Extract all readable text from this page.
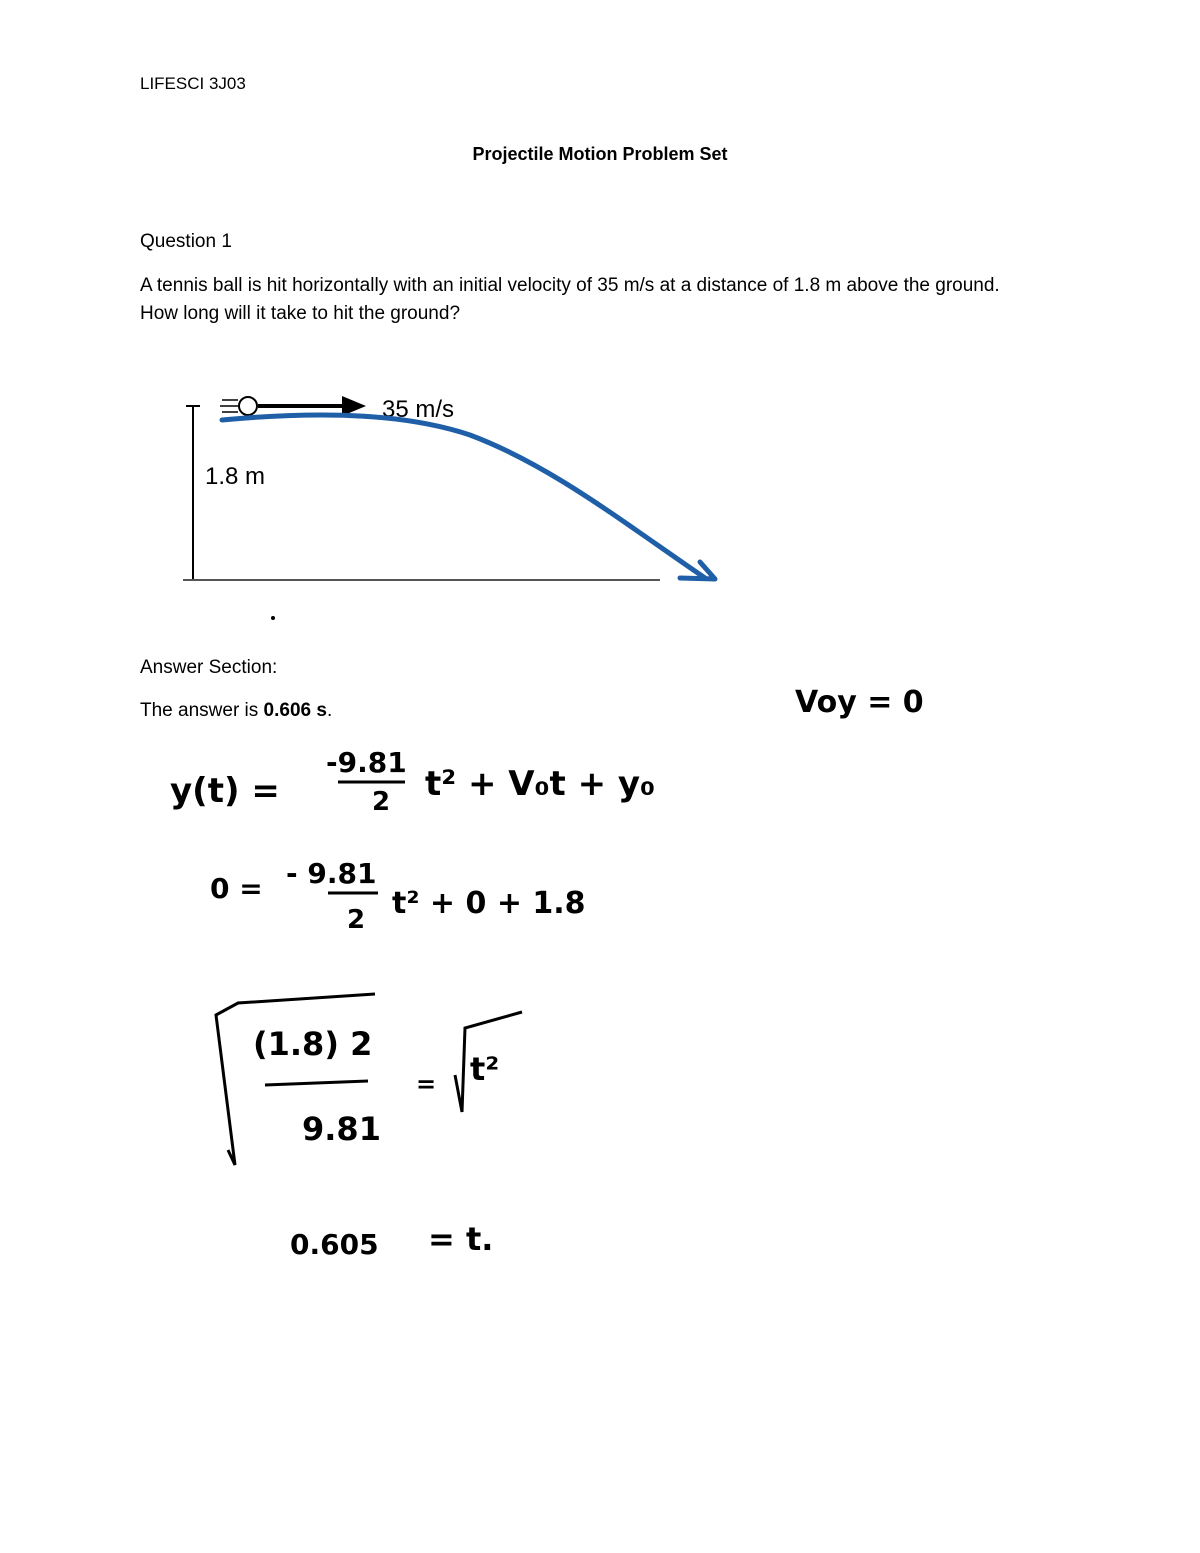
LIFESCI 3J03
Projectile Motion Problem Set
Question 1
A tennis ball is hit horizontally with an initial velocity of 35 m/s at a distance of 1.8 m above the ground. How long will it take to hit the ground?
35 m/s
1.8 m
Answer Section:
The answer is 0.606 s.	Voy = 0
y(t) =
-9.81
2 t² + V₀t + y₀
0 = - 9.81
2 t² + 0 + 1.8
(1.8) 2
9.81
= t²
0.605 = t.
